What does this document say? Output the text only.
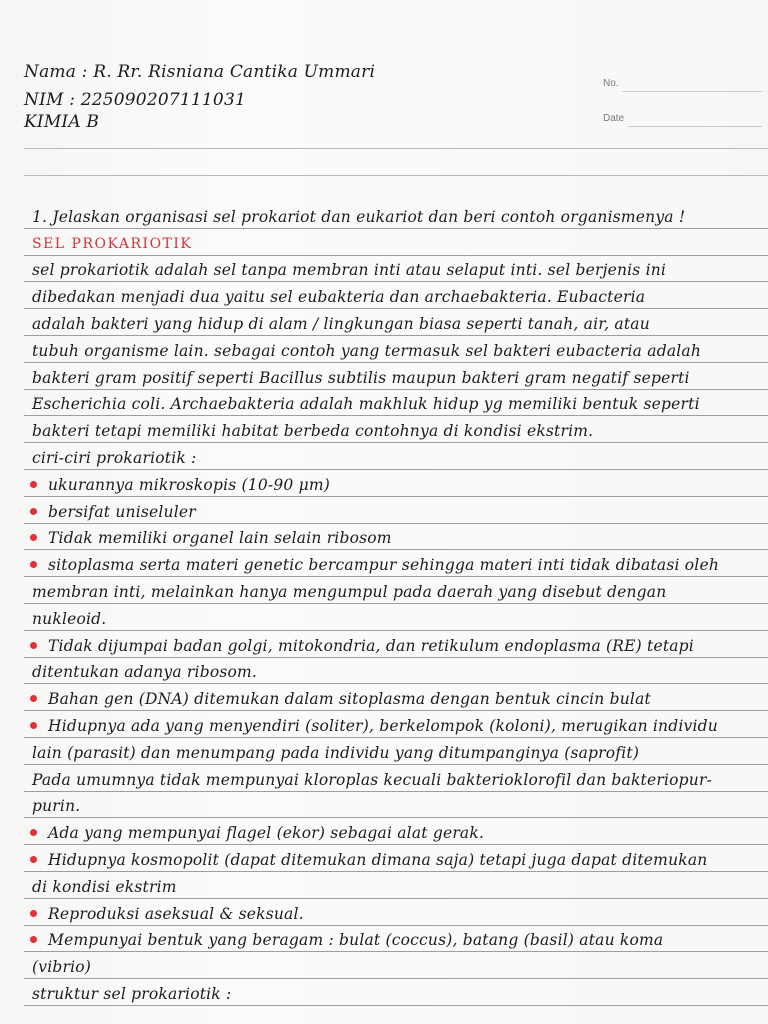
Nama : R. Rr. Risniana Cantika Ummari
NIM : 225090207111031
KIMIA B
No.
Date
1. Jelaskan organisasi sel prokariot dan eukariot dan beri contoh organismenya !
SEL PROKARIOTIK
sel prokariotik adalah sel tanpa membran inti atau selaput inti. sel berjenis ini
dibedakan menjadi dua yaitu sel eubakteria dan archaebakteria. Eubacteria
adalah bakteri yang hidup di alam / lingkungan biasa seperti tanah, air, atau
tubuh organisme lain. sebagai contoh yang termasuk sel bakteri eubacteria adalah
bakteri gram positif seperti Bacillus subtilis maupun bakteri gram negatif seperti
Escherichia coli. Archaebakteria adalah makhluk hidup yg memiliki bentuk seperti
bakteri tetapi memiliki habitat berbeda contohnya di kondisi ekstrim.
ciri-ciri prokariotik :
ukurannya mikroskopis (10-90 μm)
bersifat uniseluler
Tidak memiliki organel lain selain ribosom
sitoplasma serta materi genetic bercampur sehingga materi inti tidak dibatasi oleh
membran inti, melainkan hanya mengumpul pada daerah yang disebut dengan
nukleoid.
Tidak dijumpai badan golgi, mitokondria, dan retikulum endoplasma (RE) tetapi
ditentukan adanya ribosom.
Bahan gen (DNA) ditemukan dalam sitoplasma dengan bentuk cincin bulat
Hidupnya ada yang menyendiri (soliter), berkelompok (koloni), merugikan individu
lain (parasit) dan menumpang pada individu yang ditumpanginya (saprofit)
Pada umumnya tidak mempunyai kloroplas kecuali bakterioklorofil dan bakteriopur-
purin.
Ada yang mempunyai flagel (ekor) sebagai alat gerak.
Hidupnya kosmopolit (dapat ditemukan dimana saja) tetapi juga dapat ditemukan
di kondisi ekstrim
Reproduksi aseksual & seksual.
Mempunyai bentuk yang beragam : bulat (coccus), batang (basil) atau koma
(vibrio)
struktur sel prokariotik :
